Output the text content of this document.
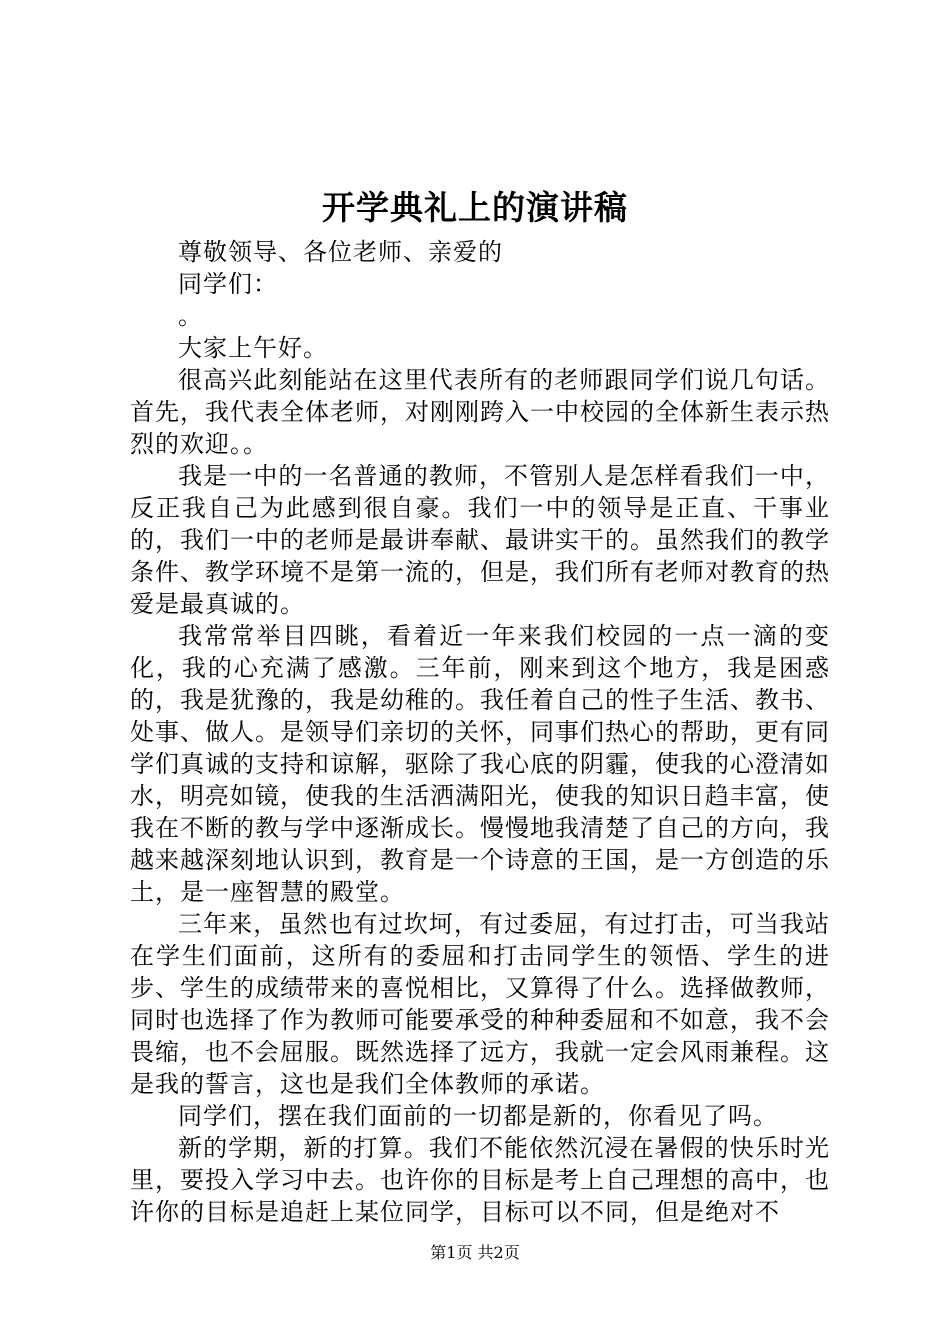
开学典礼上的演讲稿

尊敬领导、各位老师、亲爱的

同学们：

。

大家上午好。

很高兴此刻能站在这里代表所有的老师跟同学们说几句话。首先，我代表全体老师，对刚刚跨入一中校园的全体新生表示热烈的欢迎。。

我是一中的一名普通的教师，不管别人是怎样看我们一中，反正我自己为此感到很自豪。我们一中的领导是正直、干事业的，我们一中的老师是最讲奉献、最讲实干的。虽然我们的教学条件、教学环境不是第一流的，但是，我们所有老师对教育的热爱是最真诚的。

我常常举目四眺，看着近一年来我们校园的一点一滴的变化，我的心充满了感激。三年前，刚来到这个地方，我是困惑的，我是犹豫的，我是幼稚的。我任着自己的性子生活、教书、处事、做人。是领导们亲切的关怀，同事们热心的帮助，更有同学们真诚的支持和谅解，驱除了我心底的阴霾，使我的心澄清如水，明亮如镜，使我的生活洒满阳光，使我的知识日趋丰富，使我在不断的教与学中逐渐成长。慢慢地我清楚了自己的方向，我越来越深刻地认识到，教育是一个诗意的王国，是一方创造的乐土，是一座智慧的殿堂。

三年来，虽然也有过坎坷，有过委屈，有过打击，可当我站在学生们面前，这所有的委屈和打击同学生的领悟、学生的进步、学生的成绩带来的喜悦相比，又算得了什么。选择做教师，同时也选择了作为教师可能要承受的种种委屈和不如意，我不会畏缩，也不会屈服。既然选择了远方，我就一定会风雨兼程。这是我的誓言，这也是我们全体教师的承诺。

同学们，摆在我们面前的一切都是新的，你看见了吗。

新的学期，新的打算。我们不能依然沉浸在暑假的快乐时光里，要投入学习中去。也许你的目标是考上自己理想的高中，也许你的目标是追赶上某位同学，目标可以不同，但是绝对不

第1页 共2页
